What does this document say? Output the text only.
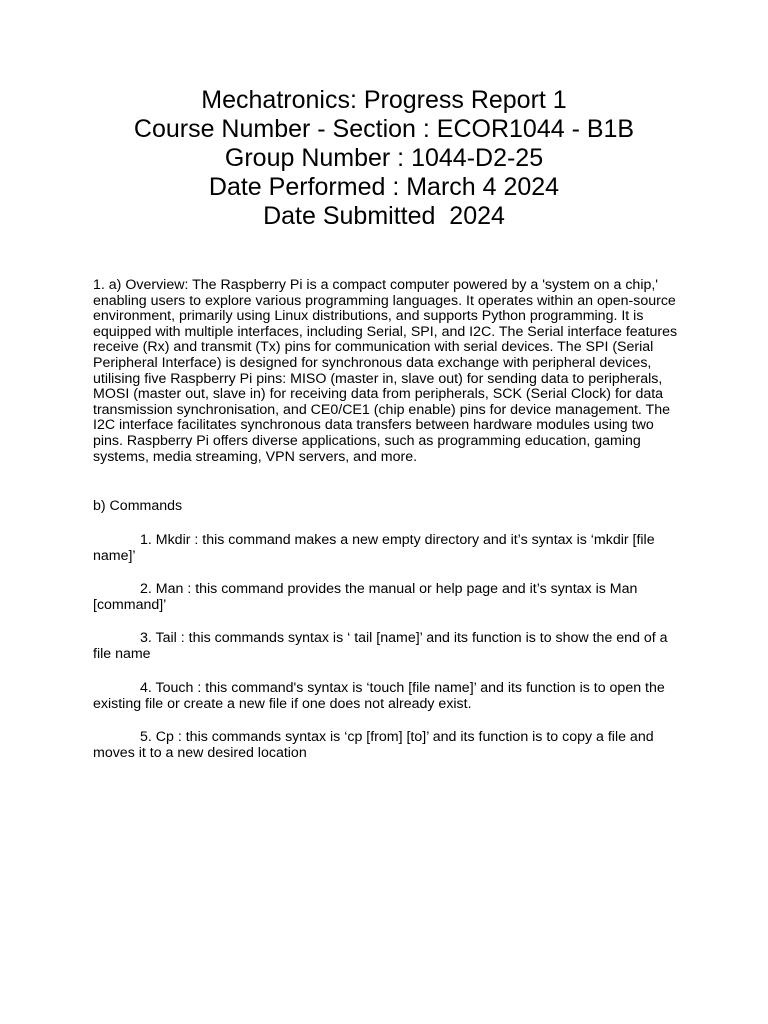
Mechatronics: Progress Report 1

Course Number - Section : ECOR1044 - B1B

Group Number : 1044-D2-25

Date Performed : March 4 2024

Date Submitted  2024

1. a) Overview: The Raspberry Pi is a compact computer powered by a 'system on a chip,' enabling users to explore various programming languages. It operates within an open-source environment, primarily using Linux distributions, and supports Python programming. It is equipped with multiple interfaces, including Serial, SPI, and I2C. The Serial interface features receive (Rx) and transmit (Tx) pins for communication with serial devices. The SPI (Serial Peripheral Interface) is designed for synchronous data exchange with peripheral devices, utilising five Raspberry Pi pins: MISO (master in, slave out) for sending data to peripherals, MOSI (master out, slave in) for receiving data from peripherals, SCK (Serial Clock) for data transmission synchronisation, and CE0/CE1 (chip enable) pins for device management. The I2C interface facilitates synchronous data transfers between hardware modules using two pins. Raspberry Pi offers diverse applications, such as programming education, gaming systems, media streaming, VPN servers, and more.

b) Commands

1. Mkdir : this command makes a new empty directory and it’s syntax is ‘mkdir [file name]’

2. Man : this command provides the manual or help page and it’s syntax is Man [command]’

3. Tail : this commands syntax is ‘ tail [name]’ and its function is to show the end of a file name

4. Touch : this command's syntax is ‘touch [file name]’ and its function is to open the existing file or create a new file if one does not already exist.

5. Cp : this commands syntax is ‘cp [from] [to]’ and its function is to copy a file and moves it to a new desired location
